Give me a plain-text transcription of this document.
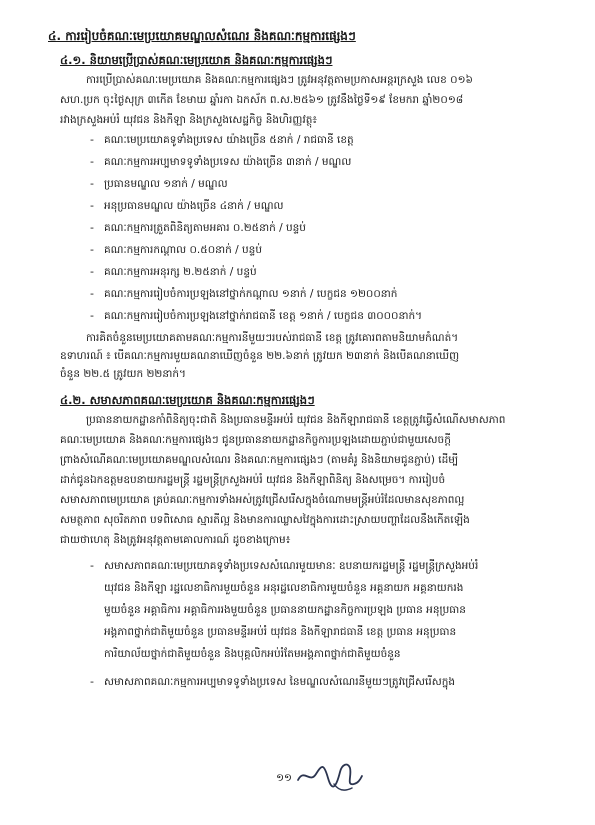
៤. ការរៀបចំគណៈមេប្រយោគមណ្ឌលសំណេរ និងគណៈកម្មការផ្សេងៗ
៤.១. និយាមប្រើប្រាស់គណៈមេប្រយោគ និងគណៈកម្មការផ្សេងៗ
ការប្រើប្រាស់គណៈមេប្រយោគ និងគណៈកម្មការផ្សេងៗ ត្រូវអនុវត្តតាមប្រកាសអន្តរក្រសួង លេខ ០១៦
សហ.ប្រក ចុះថ្ងៃសុក្រ ៣កើត ខែមាឃ ឆ្នាំរកា ឯកស័ក ព.ស.២៥៦១ ត្រូវនឹងថ្ងៃទី១៩ ខែមករា ឆ្នាំ២០១៨
រវាងក្រសួងអប់រំ យុវជន និងកីឡា និងក្រសួងសេដ្ឋកិច្ច និងហិរញ្ញវត្ថុ៖
- គណៈមេប្រយោគទូទាំងប្រទេស យ៉ាងច្រើន ៥នាក់ / រាជធានី ខេត្ត
- គណៈកម្មការអប្បមាទទូទាំងប្រទេស យ៉ាងច្រើន ៣នាក់ / មណ្ឌល
- ប្រធានមណ្ឌល ១នាក់ / មណ្ឌល
- អនុប្រធានមណ្ឌល យ៉ាងច្រើន ៤នាក់ / មណ្ឌល
- គណៈកម្មការត្រួតពិនិត្យតាមអគារ ០.២៥នាក់ / បន្ទប់
- គណៈកម្មការកណ្ដាល ០.៥០នាក់ / បន្ទប់
- គណៈកម្មការអនុរក្ស ២.២៥នាក់ / បន្ទប់
- គណៈកម្មការរៀបចំការប្រឡងនៅថ្នាក់កណ្ដាល ១នាក់ / បេក្ខជន ១២០០នាក់
- គណៈកម្មការរៀបចំការប្រឡងនៅថ្នាក់រាជធានី ខេត្ត ១នាក់ / បេក្ខជន ៣០០០នាក់។
ការគិតចំនួនមេប្រយោគតាមគណៈកម្មការនីមួយៗរបស់រាជធានី ខេត្ត ត្រូវគោរពតាមនិយាមកំណត់។
ឧទាហរណ៍ ៖ បើគណៈកម្មការមួយគណនាឃើញចំនួន ២២.៦នាក់ ត្រូវយក ២៣នាក់ និងបើគណនាឃើញ
ចំនួន ២២.៥ ត្រូវយក ២២នាក់។
៤.២. សមាសភាពគណៈមេប្រយោគ និងគណៈកម្មការផ្សេងៗ
ប្រធាននាយកដ្ឋានកាំពិនិត្យចុះជាតិ និងប្រធានមន្ទីរអប់រំ យុវជន និងកីឡារាជធានី ខេត្តត្រូវធ្វើសំណើសមាសភាព
គណៈមេប្រយោគ និងគណៈកម្មការផ្សេងៗ ជូនប្រធាននាយកដ្ឋានកិច្ចការប្រឡងដោយភ្ជាប់ជាមួយសេចក្ដី
ព្រាងសំណើគណៈមេប្រយោគមណ្ឌលសំណេរ និងគណៈកម្មការផ្សេងៗ (តាមគំរូ និងនិយាមជូនភ្ជាប់) ដើម្បី
ដាក់ជូនឯកឧត្ដមឧបនាយករដ្ឋមន្ត្រី រដ្ឋមន្ត្រីក្រសួងអប់រំ យុវជន និងកីឡាពិនិត្យ និងសម្រេច។ ការរៀបចំ
សមាសភាពមេប្រយោគ គ្រប់គណៈកម្មការទាំងអស់ត្រូវជ្រើសរើសក្នុងចំណោមមន្ត្រីអប់រំដែលមានសុខភាពល្អ
សមត្ថភាព សុចរិតភាព បទពិសោធ ស្មារតីល្អ និងមានការឈ្លាសវៃក្នុងការដោះស្រាយបញ្ហាដែលនឹងកើតឡើង
ជាយថាហេតុ និងត្រូវអនុវត្តតាមគោលការណ៍ ដូចខាងក្រោម៖
- សមាសភាពគណៈមេប្រយោគទូទាំងប្រទេសសំណេរមួយមានៈ ឧបនាយករដ្ឋមន្ត្រី រដ្ឋមន្ត្រីក្រសួងអប់រំ
យុវជន និងកីឡា រដ្ឋលេខាធិការមួយចំនួន អនុរដ្ឋលេខាធិការមួយចំនួន អគ្គនាយក អគ្គនាយករង
មួយចំនួន អគ្គាធិការ អគ្គាធិការរងមួយចំនួន ប្រធាននាយកដ្ឋានកិច្ចការប្រឡង ប្រធាន អនុប្រធាន
អង្គភាពថ្នាក់ជាតិមួយចំនួន ប្រធានមន្ទីរអប់រំ យុវជន និងកីឡារាជធានី ខេត្ត ប្រធាន អនុប្រធាន
ការិយាល័យថ្នាក់ជាតិមួយចំនួន និងបុគ្គលិកអប់រំតែមអង្គភាពថ្នាក់ជាតិមួយចំនួន
- សមាសភាពគណៈកម្មការអប្បមាទទូទាំងប្រទេស នៃមណ្ឌលសំណេរនីមួយៗត្រូវជ្រើសរើសក្នុង
១១
